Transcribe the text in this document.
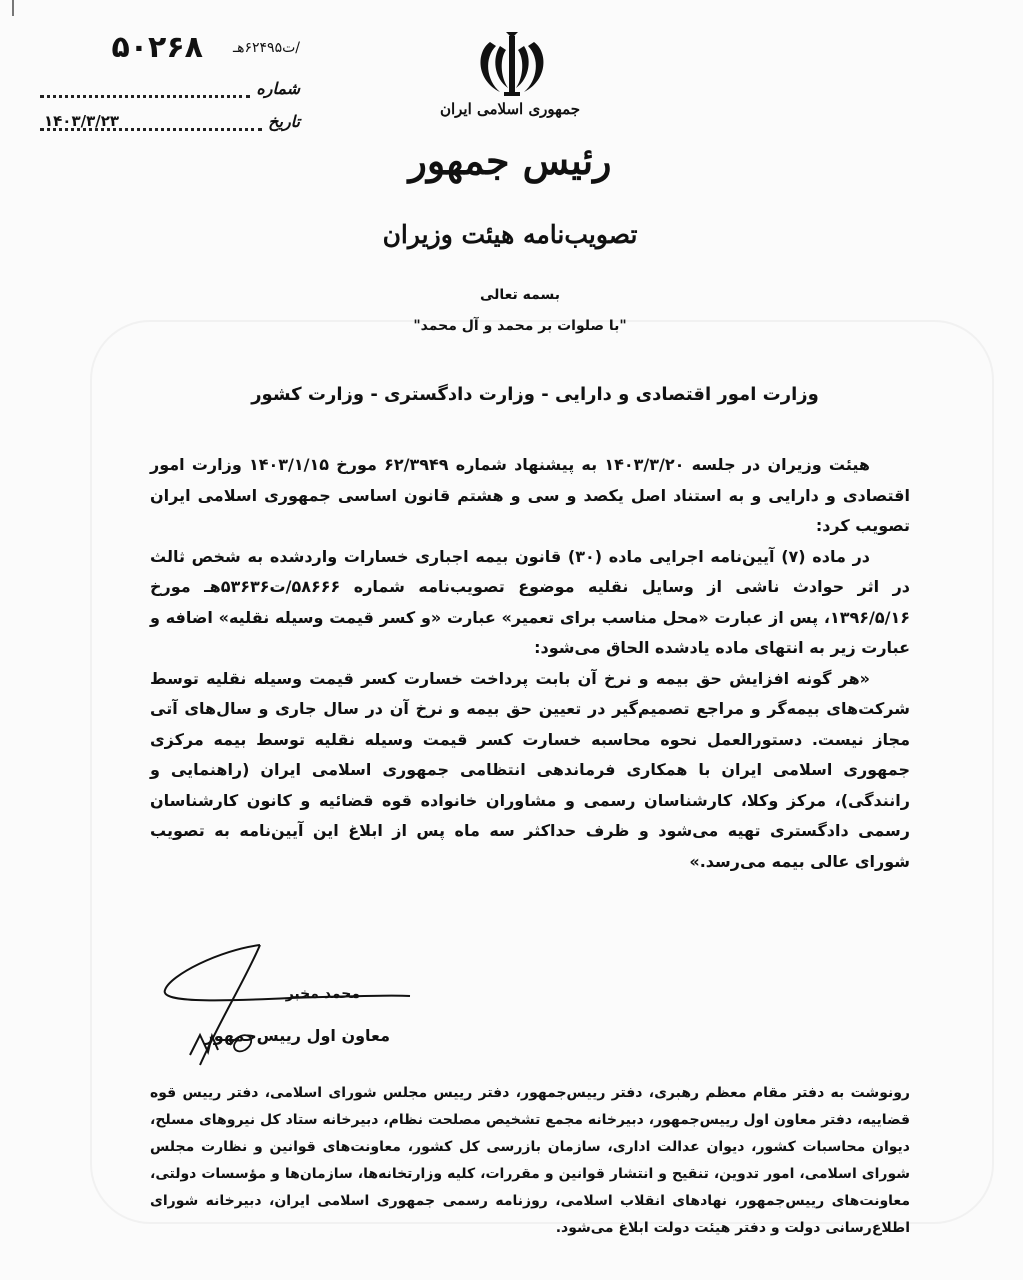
۵۰۲۶۸ /ت۶۲۴۹۵هـ
شماره
تاریخ
۱۴۰۳/۳/۲۳
جمهوری اسلامی ایران
رئیس جمهور
تصویب‌نامه هیئت وزیران
بسمه تعالی
"با صلوات بر محمد و آل محمد"
وزارت امور اقتصادی و دارایی - وزارت دادگستری - وزارت کشور

هیئت وزیران در جلسه ۱۴۰۳/۳/۲۰ به پیشنهاد شماره ۶۲/۳۹۴۹ مورخ ۱۴۰۳/۱/۱۵ وزارت امور اقتصادی و دارایی و به استناد اصل یکصد و سی و هشتم قانون اساسی جمهوری اسلامی ایران تصویب کرد:

در ماده (۷) آیین‌نامه اجرایی ماده (۳۰) قانون بیمه اجباری خسارات واردشده به شخص ثالث در اثر حوادث ناشی از وسایل نقلیه موضوع تصویب‌نامه شماره ۵۸۶۶۶/ت۵۳۶۳۶هـ مورخ ۱۳۹۶/۵/۱۶، پس از عبارت «محل مناسب برای تعمیر» عبارت «و کسر قیمت وسیله نقلیه» اضافه و عبارت زیر به انتهای ماده یادشده الحاق می‌شود:

«هر گونه افزایش حق بیمه و نرخ آن بابت پرداخت خسارت کسر قیمت وسیله نقلیه توسط شرکت‌های بیمه‌گر و مراجع تصمیم‌گیر در تعیین حق بیمه و نرخ آن در سال جاری و سال‌های آتی مجاز نیست. دستورالعمل نحوه محاسبه خسارت کسر قیمت وسیله نقلیه توسط بیمه مرکزی جمهوری اسلامی ایران با همکاری فرماندهی انتظامی جمهوری اسلامی ایران (راهنمایی و رانندگی)، مرکز وکلا، کارشناسان رسمی و مشاوران خانواده قوه قضائیه و کانون کارشناسان رسمی دادگستری تهیه می‌شود و ظرف حداکثر سه ماه پس از ابلاغ این آیین‌نامه به تصویب شورای عالی بیمه می‌رسد.»

محمد مخبر
معاون اول رییس‌جمهور
رونوشت به دفتر مقام معظم رهبری، دفتر رییس‌جمهور، دفتر رییس مجلس شورای اسلامی، دفتر رییس قوه قضاییه، دفتر معاون اول رییس‌جمهور، دبیرخانه مجمع تشخیص مصلحت نظام، دبیرخانه ستاد کل نیروهای مسلح، دیوان محاسبات کشور، دیوان عدالت اداری، سازمان بازرسی کل کشور، معاونت‌های قوانین و نظارت مجلس شورای اسلامی، امور تدوین، تنقیح و انتشار قوانین و مقررات، کلیه وزارتخانه‌ها، سازمان‌ها و مؤسسات دولتی، معاونت‌های رییس‌جمهور، نهادهای انقلاب اسلامی، روزنامه رسمی جمهوری اسلامی ایران، دبیرخانه شورای اطلاع‌رسانی دولت و دفتر هیئت دولت ابلاغ می‌شود.
